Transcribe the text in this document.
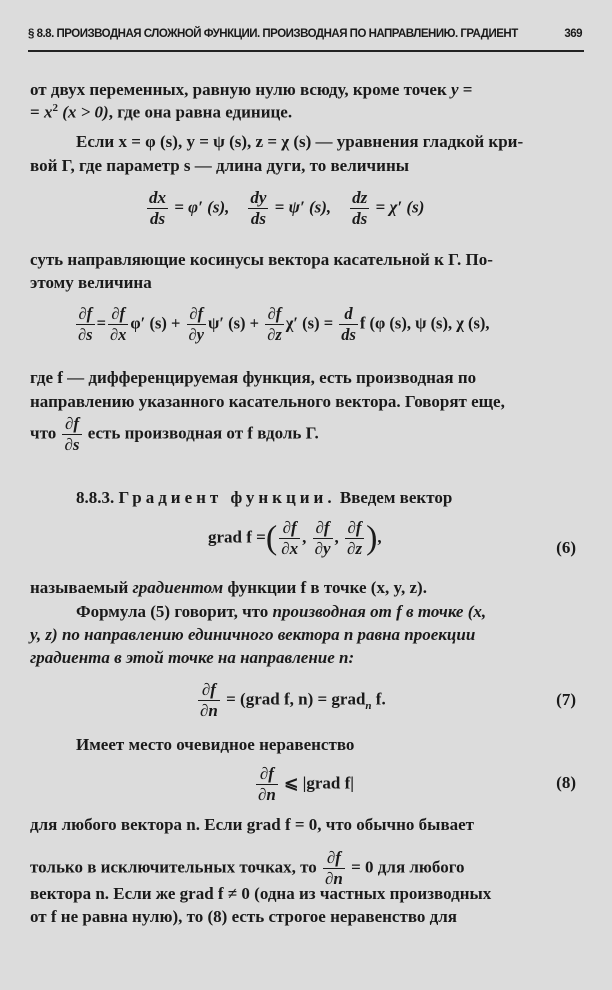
§ 8.8. ПРОИЗВОДНАЯ СЛОЖНОЙ ФУНКЦИИ. ПРОИЗВОДНАЯ ПО НАПРАВЛЕНИЮ. ГРАДИЕНТ	369
от двух переменных, равную нулю всюду, кроме точек y =
= $x^2$ (x > 0), где она равна единице.
Если x = φ (s), y = ψ (s), z = χ (s) — уравнения гладкой кри-
вой Г, где параметр s — длина дуги, то величины
$\frac{dx}{ds} = \varphi'$ (s), $\frac{dy}{ds} = \psi'$ (s), $\frac{dz}{ds} = \chi'$ (s)
суть направляющие косинусы вектора касательной к Г. По-
этому величина
$\frac{\partial f}{\partial s} = \frac{\partial f}{\partial x} \varphi'$ $(s) + \frac{\partial f}{\partial y} \psi'$ $(s) + \frac{\partial f}{\partial z} \chi'$ $(s) = \frac{d}{ds}$ f (φ (s), ψ (s), χ (s),
где f — дифференцируемая функция, есть производная по
направлению указанного касательного вектора. Говорят еще,
что $\frac{\partial f}{\partial s}$ есть производная от f вдоль Г.
8.8.3. Градиент функции. Введем вектор
grad f =( $\frac{\partial f}{\partial x}$ , $\frac{\partial f}{\partial y}$ , $\frac{\partial f}{\partial z}$ ),
(6)
называемый градиентом функции f в точке (x, y, z).
Формула (5) говорит, что производная от f в точке (x,
y, z) по направлению единичного вектора n равна проекции
градиента в этой точке на направление n:
$\frac{\partial f}{\partial n}$ = (grad f, n) = grad$_n$ f.	(7)
Имеет место очевидное неравенство
$\frac{\partial f}{\partial n}$ ⩽ |grad f|	(8)
для любого вектора n. Если grad f = 0, что обычно бывает
только в исключительных точках, то $\frac{\partial f}{\partial n} = 0$ для любого
вектора n. Если же grad f ≠ 0 (одна из частных производных
от f не равна нулю), то (8) есть строгое неравенство для
